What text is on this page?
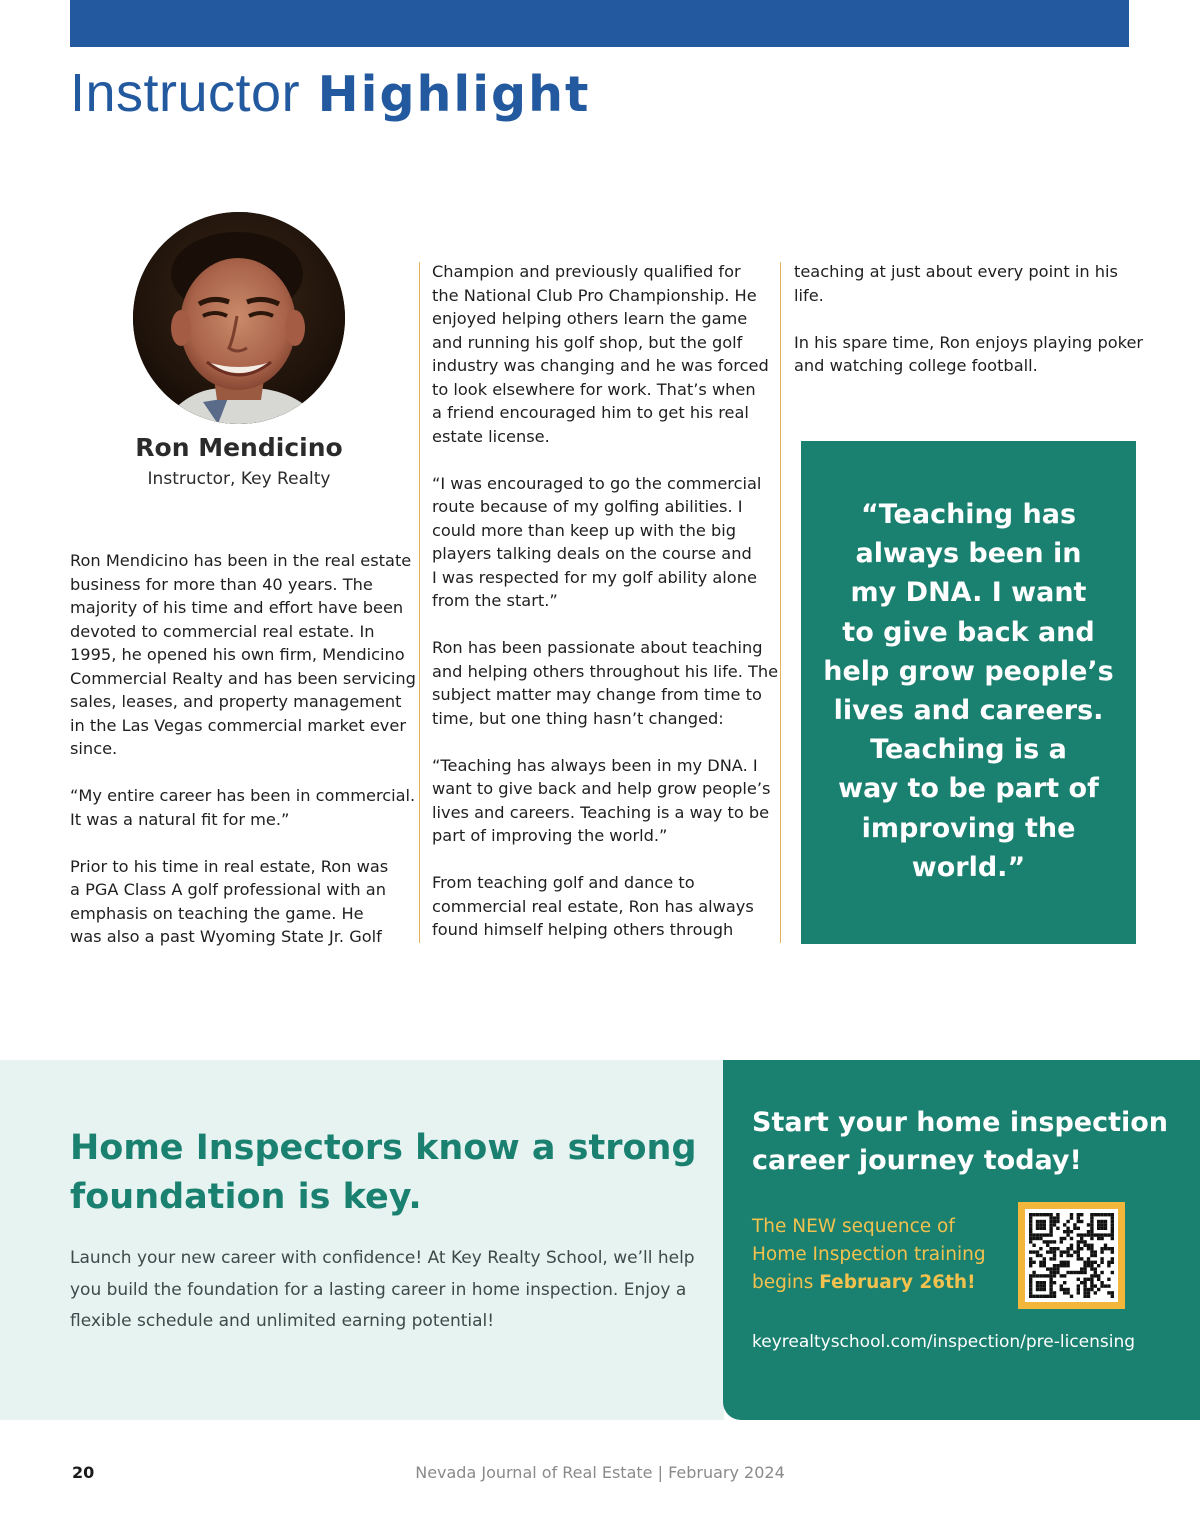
Instructor Highlight
Ron Mendicino
Instructor, Key Realty

Ron Mendicino has been in the real estate
business for more than 40 years. The
majority of his time and effort have been
devoted to commercial real estate. In
1995, he opened his own firm, Mendicino
Commercial Realty and has been servicing
sales, leases, and property management
in the Las Vegas commercial market ever
since.

“My entire career has been in commercial.
It was a natural fit for me.”

Prior to his time in real estate, Ron was
a PGA Class A golf professional with an
emphasis on teaching the game. He
was also a past Wyoming State Jr. Golf

Champion and previously qualified for
the National Club Pro Championship. He
enjoyed helping others learn the game
and running his golf shop, but the golf
industry was changing and he was forced
to look elsewhere for work. That’s when
a friend encouraged him to get his real
estate license.

“I was encouraged to go the commercial
route because of my golfing abilities. I
could more than keep up with the big
players talking deals on the course and
I was respected for my golf ability alone
from the start.”

Ron has been passionate about teaching
and helping others throughout his life. The
subject matter may change from time to
time, but one thing hasn’t changed:

“Teaching has always been in my DNA. I
want to give back and help grow people’s
lives and careers. Teaching is a way to be
part of improving the world.”

From teaching golf and dance to
commercial real estate, Ron has always
found himself helping others through

teaching at just about every point in his
life.

In his spare time, Ron enjoys playing poker
and watching college football.

“Teaching has
always been in
my DNA. I want
to give back and
help grow people’s
lives and careers.
Teaching is a
way to be part of
improving the
world.”
Home Inspectors know a strong
foundation is key.
Launch your new career with confidence! At Key Realty School, we’ll help
you build the foundation for a lasting career in home inspection. Enjoy a
flexible schedule and unlimited earning potential!
Start your home inspection
career journey today!
The NEW sequence of
Home Inspection training
begins February 26th!
keyrealtyschool.com/inspection/pre-licensing
20	Nevada Journal of Real Estate | February 2024
